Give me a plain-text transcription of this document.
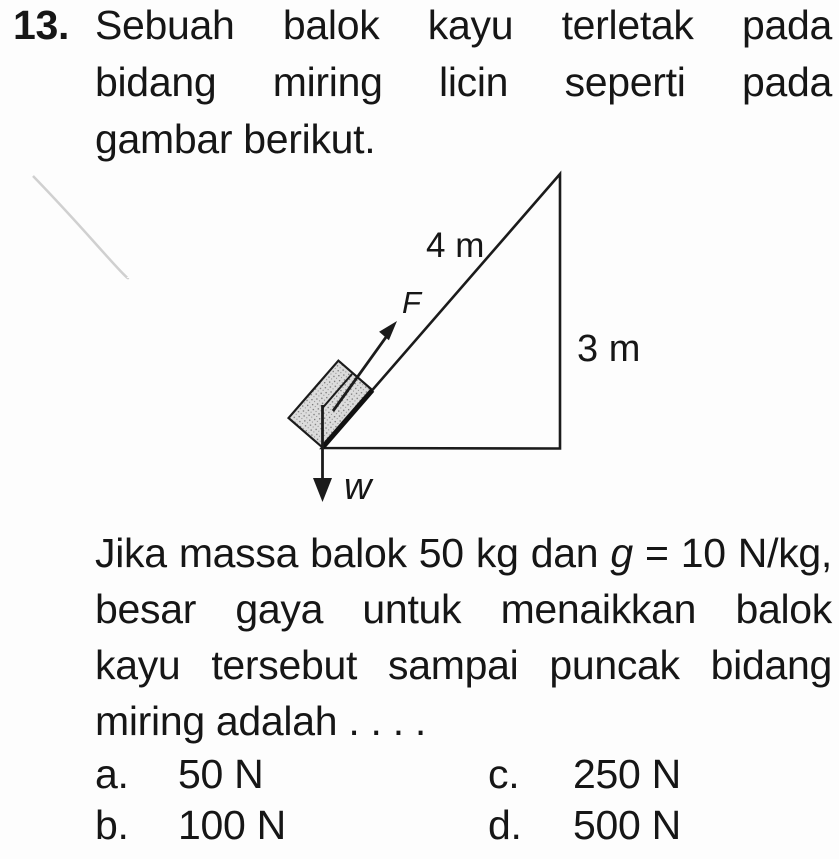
13. Sebuah balok kayu terletak pada
bidang miring licin seperti pada
gambar berikut.
4 m
3 m
F
w
Jika massa balok 50 kg dan g = 10 N/kg,
besar gaya untuk menaikkan balok
kayu tersebut sampai puncak bidang
miring adalah . . . .
a. 50 N	c. 250 N
b. 100 N	d. 500 N
